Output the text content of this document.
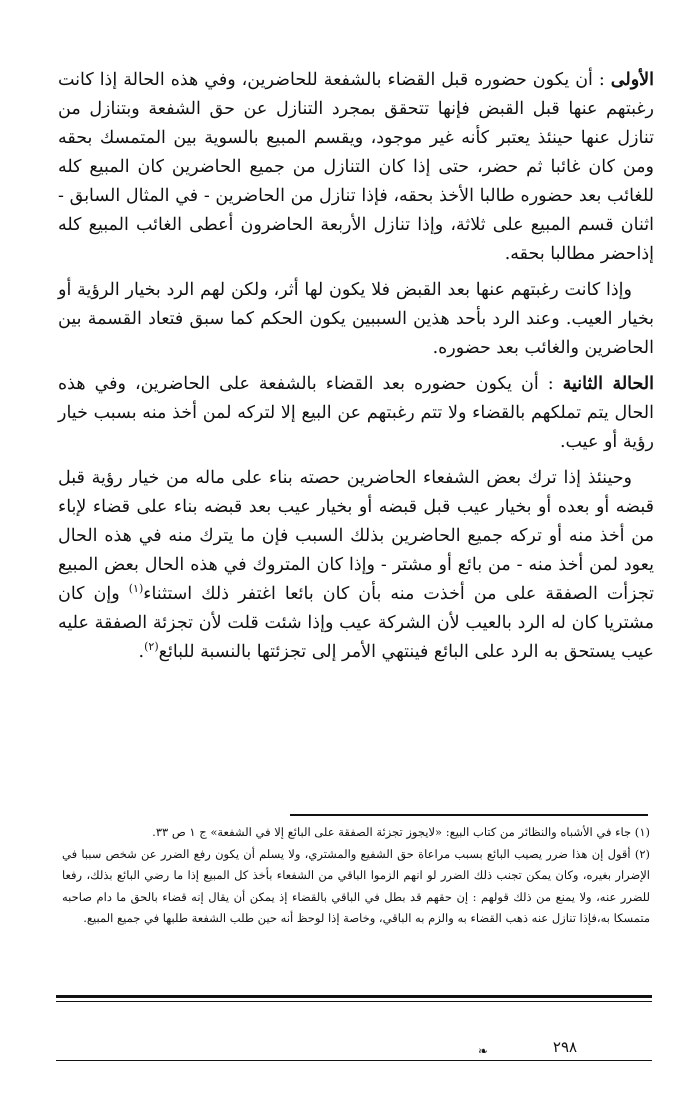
الأولى : أن يكون حضوره قبل القضاء بالشفعة للحاضرين، وفي هذه الحالة إذا كانت رغبتهم عنها قبل القبض فإنها تتحقق بمجرد التنازل عن حق الشفعة وبتنازل من تنازل عنها حينئذ يعتبر كأنه غير موجود، ويقسم المبيع بالسوية بين المتمسك بحقه ومن كان غائبا ثم حضر، حتى إذا كان التنازل من جميع الحاضرين كان المبيع كله للغائب بعد حضوره طالبا الأخذ بحقه، فإذا تنازل من الحاضرين - في المثال السابق - اثنان قسم المبيع على ثلاثة، وإذا تنازل الأربعة الحاضرون أعطى الغائب المبيع كله إذاحضر مطالبا بحقه.

وإذا كانت رغبتهم عنها بعد القبض فلا يكون لها أثر، ولكن لهم الرد بخيار الرؤية أو بخيار العيب. وعند الرد بأحد هذين السببين يكون الحكم كما سبق فتعاد القسمة بين الحاضرين والغائب بعد حضوره.

الحالة الثانية : أن يكون حضوره بعد القضاء بالشفعة على الحاضرين، وفي هذه الحال يتم تملكهم بالقضاء ولا تتم رغبتهم عن البيع إلا لتركه لمن أخذ منه بسبب خيار رؤية أو عيب.

وحينئذ إذا ترك بعض الشفعاء الحاضرين حصته بناء على ماله من خيار رؤية قبل قبضه أو بعده أو بخيار عيب قبل قبضه أو بخيار عيب بعد قبضه بناء على قضاء لإباء من أخذ منه أو تركه جميع الحاضرين بذلك السبب فإن ما يترك منه في هذه الحال يعود لمن أخذ منه - من بائع أو مشتر - وإذا كان المتروك في هذه الحال بعض المبيع تجزأت الصفقة على من أخذت منه بأن كان بائعا اغتفر ذلك استثناء$^{(١)}$ وإن كان مشتريا كان له الرد بالعيب لأن الشركة عيب وإذا شئت قلت لأن تجزئة الصفقة عليه عيب يستحق به الرد على البائع فينتهي الأمر إلى تجزئتها بالنسبة للبائع$^{(٢)}$.

(١) جاء في الأشباه والنظائر من كتاب البيع: «لايجوز تجزئة الصفقة على البائع إلا في الشفعة» ج ١ ص ٣٣.

(٢) أقول إن هذا ضرر يصيب البائع بسبب مراعاة حق الشفيع والمشتري، ولا يسلم أن يكون رفع الضرر عن شخص سببا في الإضرار بغيره، وكان يمكن تجنب ذلك الضرر لو انهم الزموا الباقي من الشفعاء بأخذ كل المبيع إذا ما رضي البائع بذلك، رفعا للضرر عنه، ولا يمنع من ذلك قولهم : إن حقهم قد بطل في الباقي بالقضاء إذ يمكن أن يقال إنه قضاء بالحق ما دام صاحبه متمسكا به،فإذا تنازل عنه ذهب القضاء به والزم به الباقي، وخاصة إذا لوحظ أنه حين طلب الشفعة طلبها في جميع المبيع.

٢٩٨
❧
